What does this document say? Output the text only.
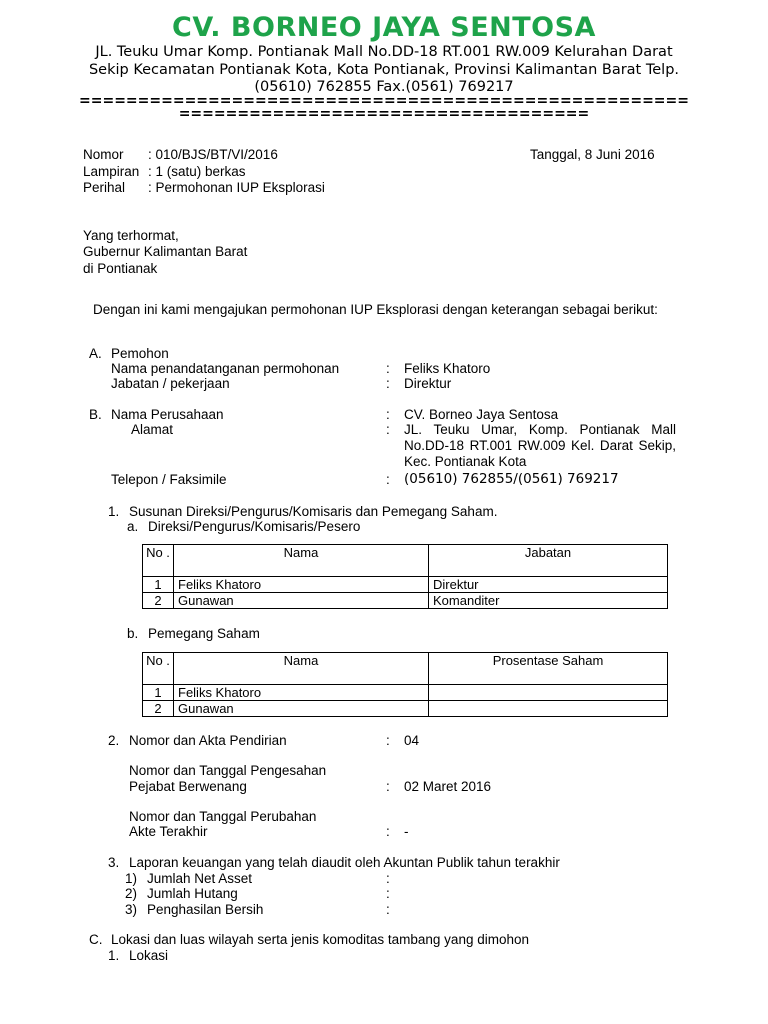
CV. BORNEO JAYA SENTOSA
JL. Teuku Umar Komp. Pontianak Mall No.DD-18 RT.001 RW.009 Kelurahan Darat
Sekip Kecamatan Pontianak Kota, Kota Pontianak, Provinsi Kalimantan Barat Telp.
(05610) 762855 Fax.(0561) 769217
====================================================
===================================
Nomor : 010/BJS/BT/VI/2016	Tanggal, 8 Juni 2016
Lampiran : 1 (satu) berkas
Perihal : Permohonan IUP Eksplorasi
Yang terhormat,
Gubernur Kalimantan Barat
di Pontianak
Dengan ini kami mengajukan permohonan IUP Eksplorasi dengan keterangan sebagai berikut:
A. Pemohon
Nama penandatanganan permohonan	: Feliks Khatoro
Jabatan / pekerjaan	: Direktur
B. Nama Perusahaan	: CV. Borneo Jaya Sentosa
Alamat	: JL. Teuku Umar, Komp. Pontianak Mall No.DD-18 RT.001 RW.009 Kel. Darat Sekip, Kec. Pontianak Kota
Telepon / Faksimile	: (05610) 762855/(0561) 769217
1. Susunan Direksi/Pengurus/Komisaris dan Pemegang Saham.
a. Direksi/Pengurus/Komisaris/Pesero
No .	Nama	Jabatan
1	Feliks Khatoro	Direktur
2	Gunawan	Komanditer
b. Pemegang Saham
No .	Nama	Prosentase Saham
1	Feliks Khatoro	
2	Gunawan	
2. Nomor dan Akta Pendirian	: 04
Nomor dan Tanggal Pengesahan
Pejabat Berwenang	: 02 Maret 2016
Nomor dan Tanggal Perubahan
Akte Terakhir	: -
3. Laporan keuangan yang telah diaudit oleh Akuntan Publik tahun terakhir
1) Jumlah Net Asset	:
2) Jumlah Hutang	:
3) Penghasilan Bersih	:
C. Lokasi dan luas wilayah serta jenis komoditas tambang yang dimohon
1. Lokasi
